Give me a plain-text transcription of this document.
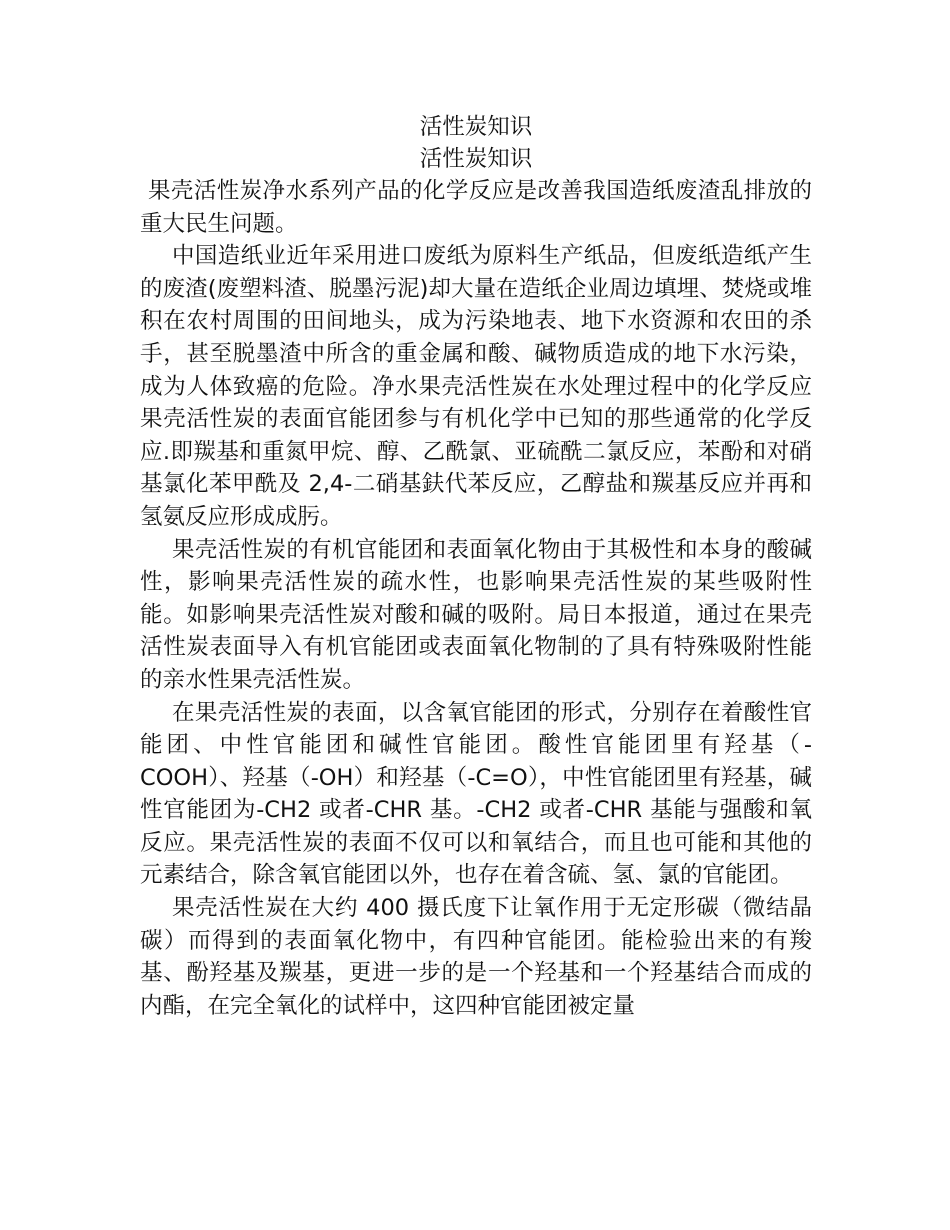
活性炭知识
活性炭知识

果壳活性炭净水系列产品的化学反应是改善我国造纸废渣乱排放的重大民生问题。

中国造纸业近年采用进口废纸为原料生产纸品，但废纸造纸产生的废渣(废塑料渣、脱墨污泥)却大量在造纸企业周边填埋、焚烧或堆积在农村周围的田间地头，成为污染地表、地下水资源和农田的杀手，甚至脱墨渣中所含的重金属和酸、碱物质造成的地下水污染，成为人体致癌的危险。净水果壳活性炭在水处理过程中的化学反应果壳活性炭的表面官能团参与有机化学中已知的那些通常的化学反应.即羰基和重氮甲烷、醇、乙酰氯、亚硫酰二氯反应，苯酚和对硝基氯化苯甲酰及 2,4-二硝基鈇代苯反应，乙醇盐和羰基反应并再和氢氨反应形成成肟。

果壳活性炭的有机官能团和表面氧化物由于其极性和本身的酸碱性，影响果壳活性炭的疏水性，也影响果壳活性炭的某些吸附性能。如影响果壳活性炭对酸和碱的吸附。局日本报道，通过在果壳活性炭表面导入有机官能团或表面氧化物制的了具有特殊吸附性能的亲水性果壳活性炭。

在果壳活性炭的表面，以含氧官能团的形式，分别存在着酸性官能团、中性官能团和碱性官能团。酸性官能团里有羟基（-COOH）、羟基（-OH）和羟基（-C=O），中性官能团里有羟基，碱性官能团为-CH2 或者-CHR 基。-CH2 或者-CHR 基能与强酸和氧反应。果壳活性炭的表面不仅可以和氧结合，而且也可能和其他的元素结合，除含氧官能团以外，也存在着含硫、氢、氯的官能团。

果壳活性炭在大约 400 摄氏度下让氧作用于无定形碳（微结晶碳）而得到的表面氧化物中，有四种官能团。能检验出来的有羧基、酚羟基及羰基，更进一步的是一个羟基和一个羟基结合而成的内酯，在完全氧化的试样中，这四种官能团被定量
